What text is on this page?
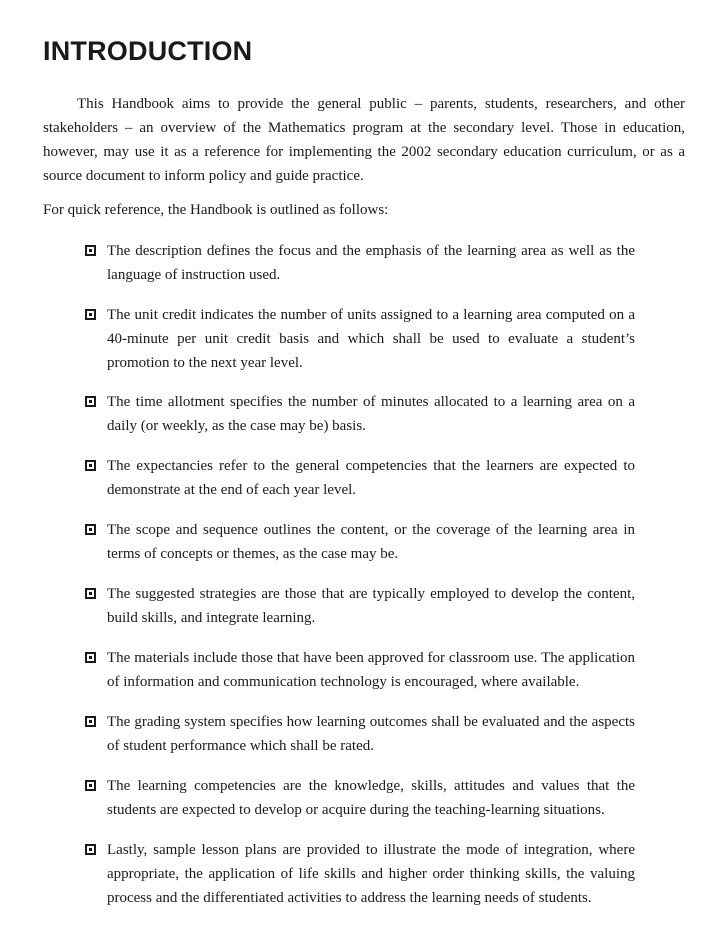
INTRODUCTION

This Handbook aims to provide the general public – parents, students, researchers, and other stakeholders – an overview of the Mathematics program at the secondary level. Those in education, however, may use it as a reference for implementing the 2002 secondary education curriculum, or as a source document to inform policy and guide practice.

For quick reference, the Handbook is outlined as follows:

The description defines the focus and the emphasis of the learning area as well as the language of instruction used.

The unit credit indicates the number of units assigned to a learning area computed on a 40-minute per unit credit basis and which shall be used to evaluate a student’s promotion to the next year level.

The time allotment specifies the number of minutes allocated to a learning area on a daily (or weekly, as the case may be) basis.

The expectancies refer to the general competencies that the learners are expected to demonstrate at the end of each year level.

The scope and sequence outlines the content, or the coverage of the learning area in terms of concepts or themes, as the case may be.

The suggested strategies are those that are typically employed to develop the content, build skills, and integrate learning.

The materials include those that have been approved for classroom use. The application of information and communication technology is encouraged, where available.

The grading system specifies how learning outcomes shall be evaluated and the aspects of student performance which shall be rated.

The learning competencies are the knowledge, skills, attitudes and values that the students are expected to develop or acquire during the teaching-learning situations.

Lastly, sample lesson plans are provided to illustrate the mode of integration, where appropriate, the application of life skills and higher order thinking skills, the valuing process and the differentiated activities to address the learning needs of students.
